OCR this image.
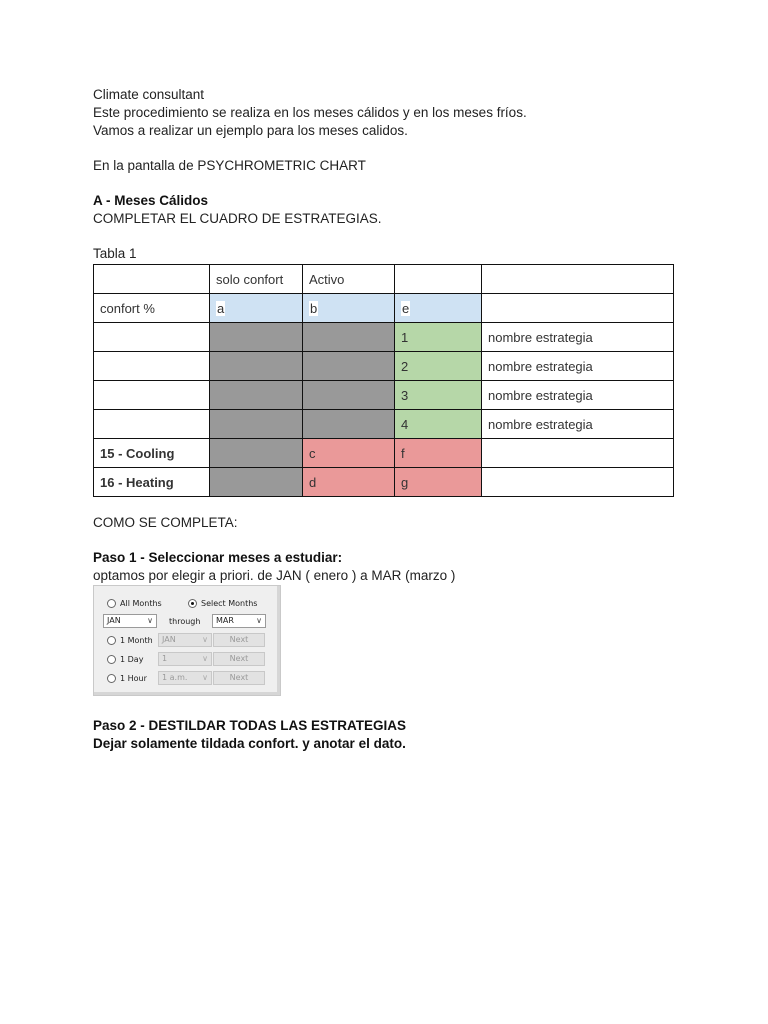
Climate consultant
Este procedimiento se realiza en los meses cálidos y en los meses fríos.
Vamos a realizar un ejemplo para los meses calidos.
En la pantalla de PSYCHROMETRIC CHART
A - Meses Cálidos
COMPLETAR EL CUADRO DE ESTRATEGIAS.
Tabla 1
	solo confort	Activo		
confort %	a	b	e	
			1	nombre estrategia
			2	nombre estrategia
			3	nombre estrategia
			4	nombre estrategia
15 - Cooling		c	f	
16 - Heating		d	g	
COMO SE COMPLETA:
Paso 1 - Seleccionar meses a estudiar:
optamos por elegir a priori. de JAN ( enero ) a MAR (marzo )
All Months	Select Months
JAN	∨ through	MAR	∨
1 Month	JAN	∨	Next
1 Day	1	∨	Next
1 Hour	1 a.m. ∨	Next
Paso 2 - DESTILDAR TODAS LAS ESTRATEGIAS
Dejar solamente tildada confort. y anotar el dato.
